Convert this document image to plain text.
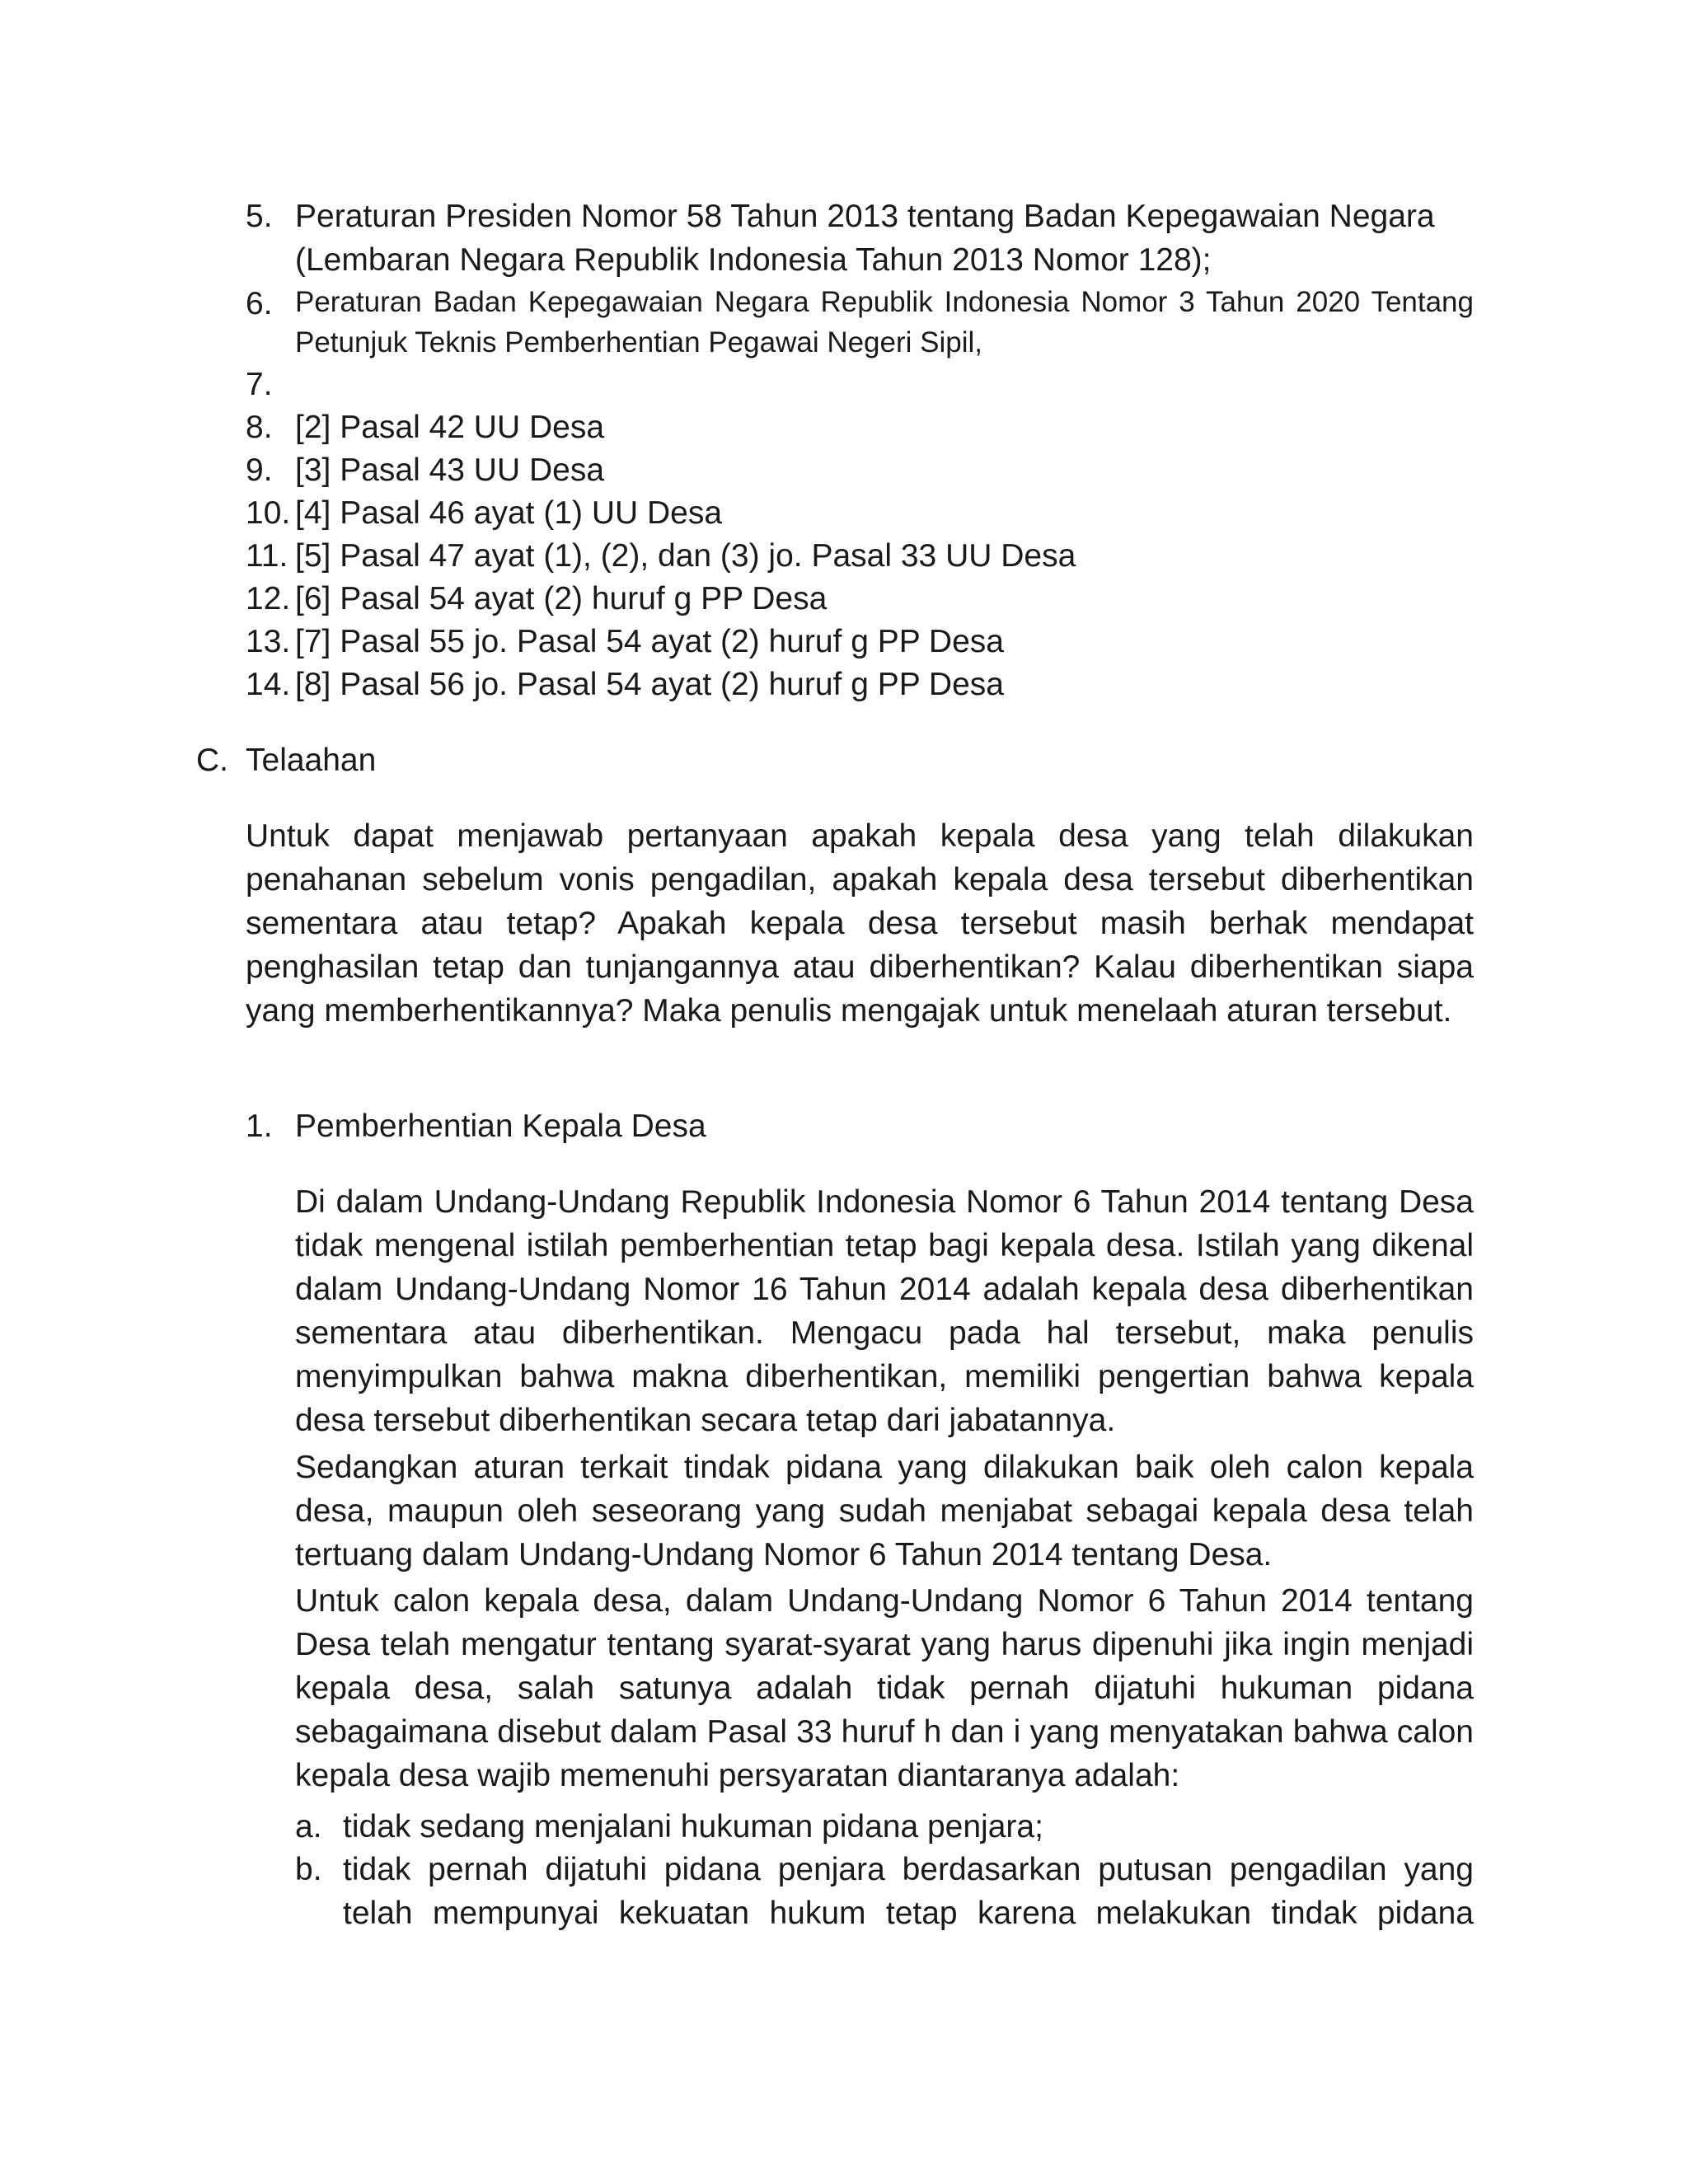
5. Peraturan Presiden Nomor 58 Tahun 2013 tentang Badan Kepegawaian Negara (Lembaran Negara Republik Indonesia Tahun 2013 Nomor 128);

6. Peraturan Badan Kepegawaian Negara Republik Indonesia Nomor 3 Tahun 2020 Tentang Petunjuk Teknis Pemberhentian Pegawai Negeri Sipil,

7.

8. [2] Pasal 42 UU Desa

9. [3] Pasal 43 UU Desa

10. [4] Pasal 46 ayat (1) UU Desa

11. [5] Pasal 47 ayat (1), (2), dan (3) jo. Pasal 33 UU Desa

12. [6] Pasal 54 ayat (2) huruf g PP Desa

13. [7] Pasal 55 jo. Pasal 54 ayat (2) huruf g PP Desa

14. [8] Pasal 56 jo. Pasal 54 ayat (2) huruf g PP Desa

C. Telaahan

Untuk dapat menjawab pertanyaan apakah kepala desa yang telah dilakukan penahanan sebelum vonis pengadilan, apakah kepala desa tersebut diberhentikan sementara atau tetap? Apakah kepala desa tersebut masih berhak mendapat penghasilan tetap dan tunjangannya atau diberhentikan? Kalau diberhentikan siapa yang memberhentikannya? Maka penulis mengajak untuk menelaah aturan tersebut.

1. Pemberhentian Kepala Desa

Di dalam Undang-Undang Republik Indonesia Nomor 6 Tahun 2014 tentang Desa tidak mengenal istilah pemberhentian tetap bagi kepala desa. Istilah yang dikenal dalam Undang-Undang Nomor 16 Tahun 2014 adalah kepala desa diberhentikan sementara atau diberhentikan. Mengacu pada hal tersebut, maka penulis menyimpulkan bahwa makna diberhentikan, memiliki pengertian bahwa kepala desa tersebut diberhentikan secara tetap dari jabatannya.

Sedangkan aturan terkait tindak pidana yang dilakukan baik oleh calon kepala desa, maupun oleh seseorang yang sudah menjabat sebagai kepala desa telah tertuang dalam Undang-Undang Nomor 6 Tahun 2014 tentang Desa.

Untuk calon kepala desa, dalam Undang-Undang Nomor 6 Tahun 2014 tentang Desa telah mengatur tentang syarat-syarat yang harus dipenuhi jika ingin menjadi kepala desa, salah satunya adalah tidak pernah dijatuhi hukuman pidana sebagaimana disebut dalam Pasal 33 huruf h dan i yang menyatakan bahwa calon kepala desa wajib memenuhi persyaratan diantaranya adalah:

a. tidak sedang menjalani hukuman pidana penjara;

b. tidak pernah dijatuhi pidana penjara berdasarkan putusan pengadilan yang telah mempunyai kekuatan hukum tetap karena melakukan tindak pidana
